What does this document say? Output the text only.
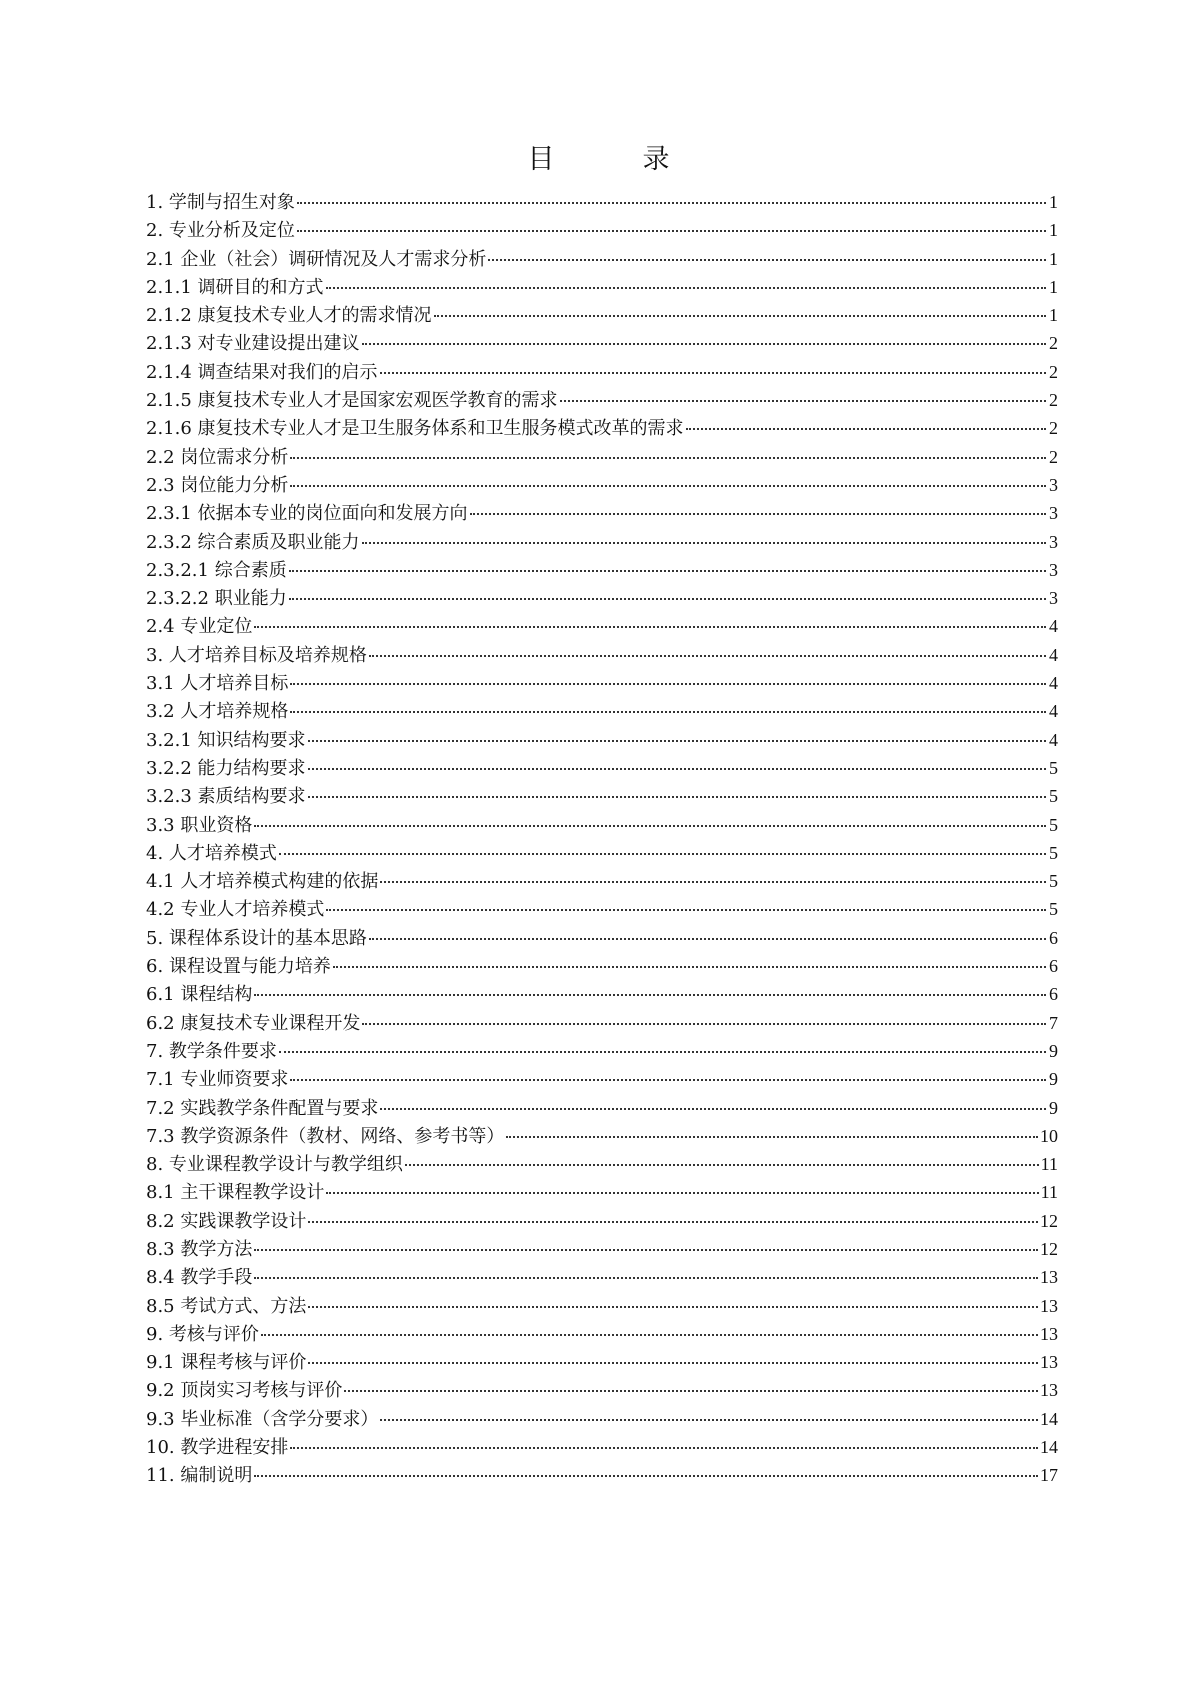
目	录
1. 学制与招生对象	1
2. 专业分析及定位	1
2.1 企业（社会）调研情况及人才需求分析	1
2.1.1 调研目的和方式	1
2.1.2 康复技术专业人才的需求情况	1
2.1.3 对专业建设提出建议	2
2.1.4 调查结果对我们的启示	2
2.1.5 康复技术专业人才是国家宏观医学教育的需求	2
2.1.6 康复技术专业人才是卫生服务体系和卫生服务模式改革的需求	2
2.2 岗位需求分析	2
2.3 岗位能力分析	3
2.3.1 依据本专业的岗位面向和发展方向	3
2.3.2 综合素质及职业能力	3
2.3.2.1 综合素质	3
2.3.2.2 职业能力	3
2.4 专业定位	4
3. 人才培养目标及培养规格	4
3.1 人才培养目标	4
3.2 人才培养规格	4
3.2.1 知识结构要求	4
3.2.2 能力结构要求	5
3.2.3 素质结构要求	5
3.3 职业资格	5
4. 人才培养模式	5
4.1 人才培养模式构建的依据	5
4.2 专业人才培养模式	5
5. 课程体系设计的基本思路	6
6. 课程设置与能力培养	6
6.1 课程结构	6
6.2 康复技术专业课程开发	7
7. 教学条件要求	9
7.1 专业师资要求	9
7.2 实践教学条件配置与要求	9
7.3 教学资源条件（教材、网络、参考书等）	10
8. 专业课程教学设计与教学组织	11
8.1 主干课程教学设计	11
8.2 实践课教学设计	12
8.3 教学方法	12
8.4 教学手段	13
8.5 考试方式、方法	13
9. 考核与评价	13
9.1 课程考核与评价	13
9.2 顶岗实习考核与评价	13
9.3 毕业标准（含学分要求）	14
10. 教学进程安排	14
11. 编制说明	17
